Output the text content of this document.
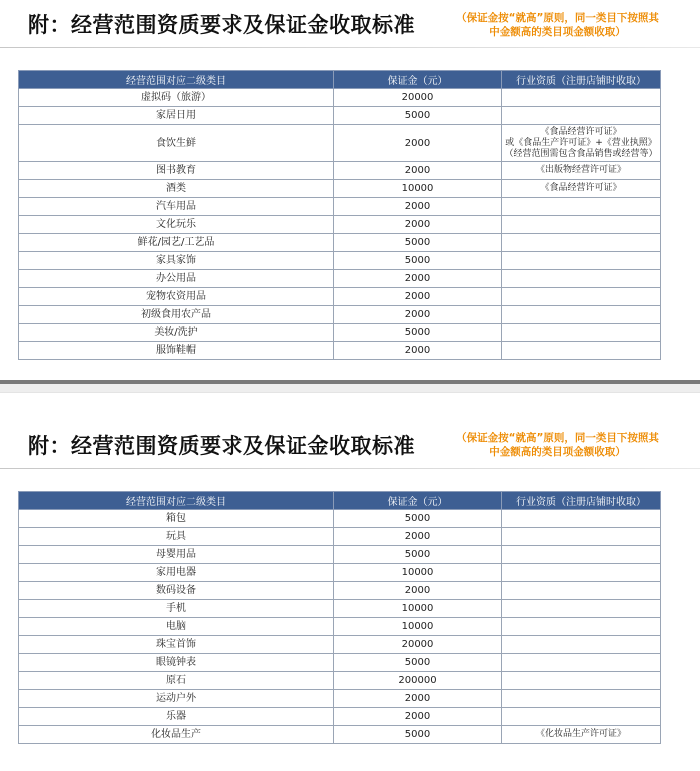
附：经营范围资质要求及保证金收取标准	（保证金按“就高”原则，同一类目下按照其
中金额高的类目项金额收取）
经营范围对应二级类目	保证金（元）	行业资质（注册店铺时收取）
虚拟码（旅游）	20000	
家居日用	5000	
食饮生鲜	2000	《食品经营许可证》
或《食品生产许可证》+《营业执照》
（经营范围需包含食品销售或经营等）

图书教育	2000	《出版物经营许可证》
酒类	10000	《食品经营许可证》
汽车用品	2000	
文化玩乐	2000	
鲜花/园艺/工艺品	5000	
家具家饰	5000	
办公用品	2000	
宠物农资用品	2000	
初级食用农产品	2000	
美妆/洗护	5000	
服饰鞋帽	2000	
附：经营范围资质要求及保证金收取标准	（保证金按“就高”原则，同一类目下按照其
中金额高的类目项金额收取）
经营范围对应二级类目	保证金（元）	行业资质（注册店铺时收取）
箱包	5000	
玩具	2000	
母婴用品	5000	
家用电器	10000	
数码设备	2000	
手机	10000	
电脑	10000	
珠宝首饰	20000	
眼镜钟表	5000	
原石	200000	
运动户外	2000	
乐器	2000	
化妆品生产	5000	《化妆品生产许可证》
